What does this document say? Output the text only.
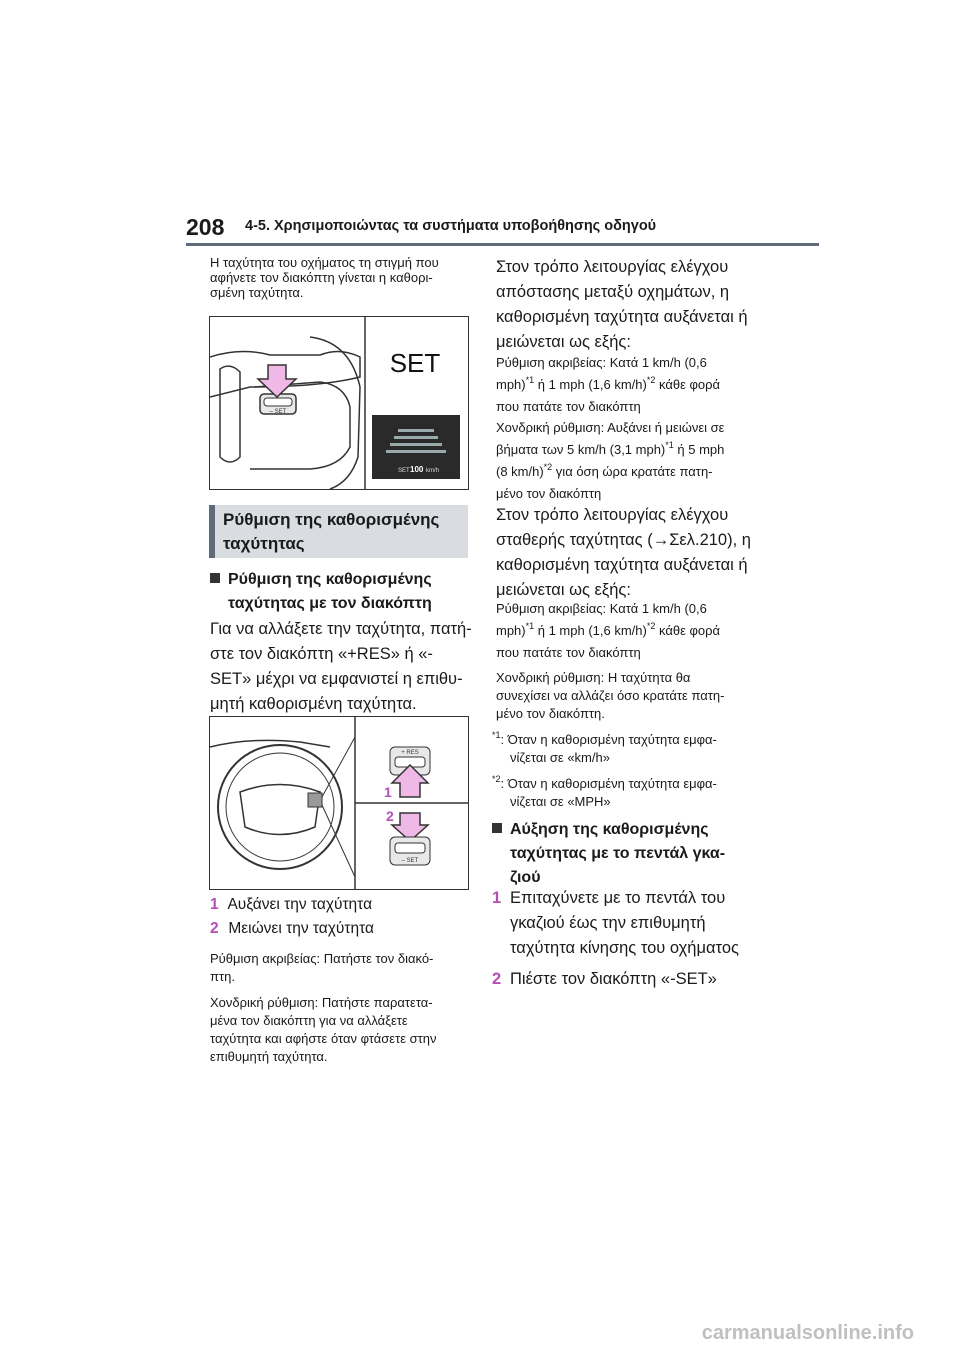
208 4-5. Χρησιμοποιώντας τα συστήματα υποβοήθησης οδηγού
Η ταχύτητα του οχήματος τη στιγμή που
αφήνετε τον διακόπτη γίνεται η καθορι-
σμένη ταχύτητα.
– SET
SET
SET 100 km/h
Ρύθμιση της καθορισμένης
ταχύτητας
Ρύθμιση της καθορισμένης
ταχύτητας με τον διακόπτη
Για να αλλάξετε την ταχύτητα, πατή-
στε τον διακόπτη «+RES» ή «-
SET» μέχρι να εμφανιστεί η επιθυ-
μητή καθορισμένη ταχύτητα.
+ RES
1
2
– SET
1 Αυξάνει την ταχύτητα
2 Μειώνει την ταχύτητα
Ρύθμιση ακριβείας: Πατήστε τον διακό-
πτη.
Χονδρική ρύθμιση: Πατήστε παρατετα-
μένα τον διακόπτη για να αλλάξετε
ταχύτητα και αφήστε όταν φτάσετε στην
επιθυμητή ταχύτητα.
Στον τρόπο λειτουργίας ελέγχου
απόστασης μεταξύ οχημάτων, η
καθορισμένη ταχύτητα αυξάνεται ή
μειώνεται ως εξής:
Ρύθμιση ακριβείας: Κατά 1 km/h (0,6
mph)$^{*1}$ ή 1 mph (1,6 km/h)$^{*2}$ κάθε φορά
που πατάτε τον διακόπτη
Χονδρική ρύθμιση: Αυξάνει ή μειώνει σε
βήματα των 5 km/h (3,1 mph)$^{*1}$ ή 5 mph
(8 km/h)$^{*2}$ για όση ώρα κρατάτε πατη-
μένο τον διακόπτη
Στον τρόπο λειτουργίας ελέγχου
σταθερής ταχύτητας (→Σελ.210), η
καθορισμένη ταχύτητα αυξάνεται ή
μειώνεται ως εξής:
Ρύθμιση ακριβείας: Κατά 1 km/h (0,6
mph)$^{*1}$ ή 1 mph (1,6 km/h)$^{*2}$ κάθε φορά
που πατάτε τον διακόπτη
Χονδρική ρύθμιση: Η ταχύτητα θα
συνεχίσει να αλλάζει όσο κρατάτε πατη-
μένο τον διακόπτη.
$^{*1}$: Όταν η καθορισμένη ταχύτητα εμφα-
νίζεται σε «km/h»
$^{*2}$: Όταν η καθορισμένη ταχύτητα εμφα-
νίζεται σε «MPH»
Αύξηση της καθορισμένης
ταχύτητας με το πεντάλ γκα-
ζιού
1 Επιταχύνετε με το πεντάλ του
γκαζιού έως την επιθυμητή
ταχύτητα κίνησης του οχήματος
2 Πιέστε τον διακόπτη «-SET»
carmanualsonline.info
